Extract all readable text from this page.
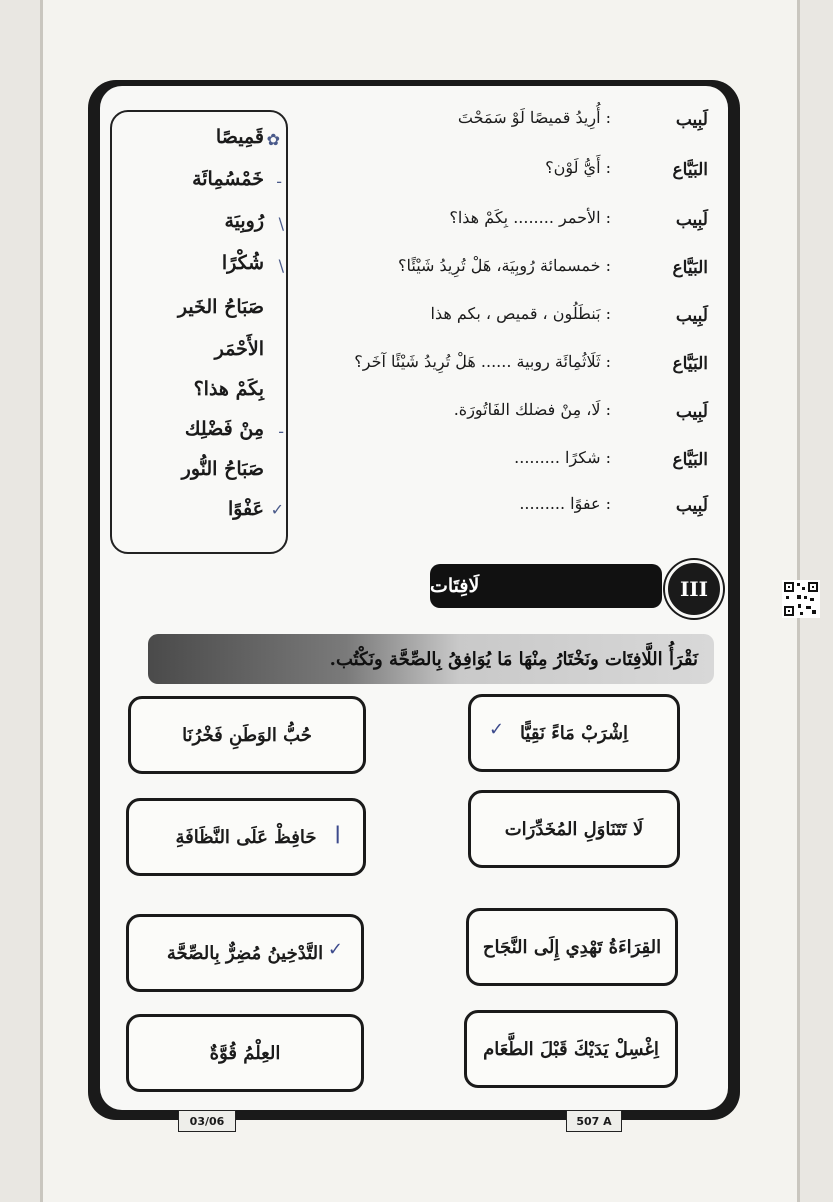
قَمِيصًا ✿
خَمْسُمِائَة -
رُوبِيَة \
شُكْرًا \
صَبَاحُ الخَير
الأَحْمَر
بِكَمْ هذا؟
مِنْ فَضْلِك -
صَبَاحُ النُّور
عَفْوًا ✓
لَبِيب
: أُرِيدُ قميصًا لَوْ سَمَحْتَ
البَيَّاع
: أَيُّ لَوْن؟
لَبِيب
: الأحمر ........ بِكَمْ هذا؟
البَيَّاع
: خمسمائة رُوبِيَة، هَلْ تُرِيدُ شَيْئًا؟
لَبِيب
: بَنطَلُون ، قميص ، بكم هذا
البَيَّاع
: ثَلَاثُمِائَة روبية ...... هَلْ تُرِيدُ شَيْئًا آخَر؟
لَبِيب
: لَا، مِنْ فضلك الفَاتُورَة.
البَيَّاع
: شكرًا .........
لَبِيب
: عفوًا .........
لَافِتَات	III
نَقْرَأُ اللَّافِتَات ونَخْتَارُ مِنْهَا مَا يُوَافِقُ بِالصِّحَّة ونَكْتُب.
اِشْرَبْ مَاءً نَقِيًّا
✓
لَا تَتَنَاوَلِ المُخَدِّرَات
القِرَاءَةُ تَهْدِي إِلَى النَّجَاح
اِغْسِلْ يَدَيْكَ قَبْلَ الطَّعَام
حُبُّ الوَطَنِ فَخْرُنَا
حَافِظْ عَلَى النَّظَافَةِ |
التَّدْخِينُ مُضِرٌّ بِالصِّحَّة ✓
العِلْمُ قُوَّةٌ
03/06	507 A
